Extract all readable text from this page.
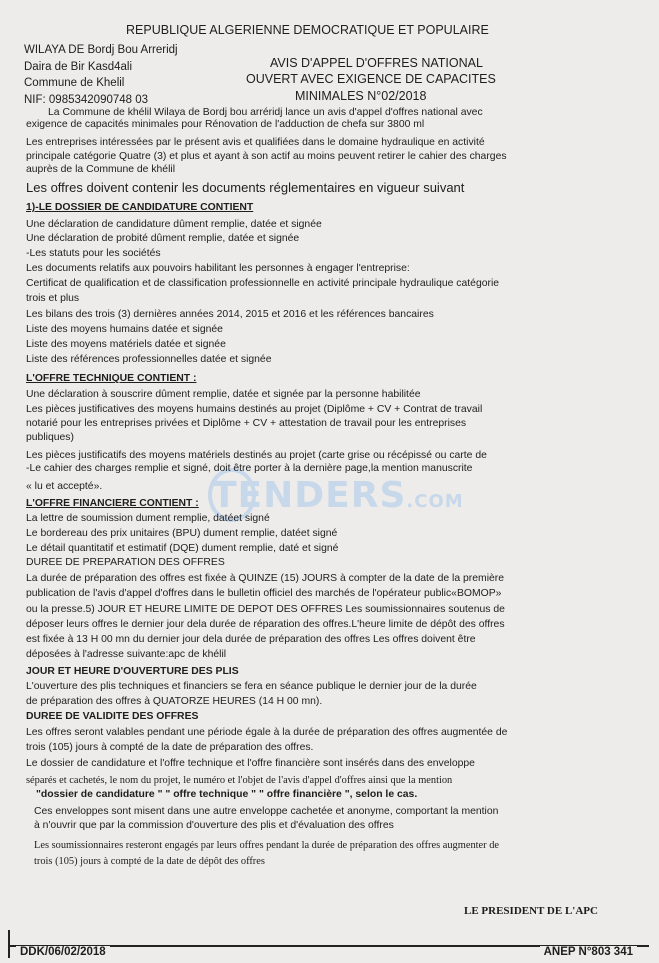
TENDERS.COM
REPUBLIQUE ALGERIENNE DEMOCRATIQUE ET POPULAIRE
WILAYA DE Bordj Bou Arreridj
Daira de Bir Kasd4ali
Commune de Khelil
NIF: 0985342090748 03
AVIS D'APPEL D'OFFRES NATIONAL
OUVERT AVEC EXIGENCE DE CAPACITES
MINIMALES N°02/2018
La Commune de khélil Wilaya de Bordj bou arréridj lance un avis d'appel d'offres national avec
exigence de capacités minimales pour Rénovation de l'adduction de chefa sur 3800 ml
Les entreprises intéressées par le présent avis et qualifiées dans le domaine hydraulique en activité
principale catégorie Quatre (3) et plus et ayant à son actif au moins peuvent retirer le cahier des charges
auprès de la Commune de khélil
Les offres doivent contenir les documents réglementaires en vigueur suivant
1)-LE DOSSIER DE CANDIDATURE CONTIENT
Une déclaration de candidature dûment remplie, datée et signée
Une déclaration de probité dûment remplie, datée et signée
-Les statuts pour les sociétés
Les documents relatifs aux pouvoirs habilitant les personnes à engager l'entreprise:
Certificat de qualification et de classification professionnelle en activité principale hydraulique catégorie
trois et plus
Les bilans des trois (3) dernières années 2014, 2015 et 2016 et les références bancaires
Liste des moyens humains datée et signée
Liste des moyens matériels datée et signée
Liste des références professionnelles datée et signée
L'OFFRE TECHNIQUE CONTIENT :
Une déclaration à souscrire dûment remplie, datée et signée par la personne habilitée
Les pièces justificatives des moyens humains destinés au projet (Diplôme + CV + Contrat de travail
notarié pour les entreprises privées et Diplôme + CV + attestation de travail pour les entreprises
publiques)
Les pièces justificatifs des moyens matériels destinés au projet (carte grise ou récépissé ou carte de
-Le cahier des charges remplie et signé, doit être porter à la dernière page,la mention manuscrite
« lu et accepté».
L'OFFRE FINANCIERE CONTIENT :
La lettre de soumission dument remplie, datéet signé
Le bordereau des prix unitaires (BPU) dument remplie, datéet signé
Le détail quantitatif et estimatif (DQE) dument remplie, daté et signé
DUREE DE PREPARATION DES OFFRES
La durée de préparation des offres est fixée à QUINZE (15) JOURS à compter de la date de la première
publication de l'avis d'appel d'offres dans le bulletin officiel des marchés de l'opérateur public«BOMOP»
ou la presse.5) JOUR ET HEURE LIMITE DE DEPOT DES OFFRES Les soumissionnaires soutenus de
déposer leurs offres le dernier jour dela durée de réparation des offres.L'heure limite de dépôt des offres
est fixée à 13 H 00 mn du dernier jour dela durée de préparation des offres Les offres doivent être
déposées à l'adresse suivante:apc de khélil
JOUR ET HEURE D'OUVERTURE DES PLIS
L'ouverture des plis techniques et financiers se fera en séance publique le dernier jour de la durée
de préparation des offres à QUATORZE HEURES (14 H 00 mn).
DUREE DE VALIDITE DES OFFRES
Les offres seront valables pendant une période égale à la durée de préparation des offres augmentée de
trois (105) jours à compté de la date de préparation des offres.
Le dossier de candidature et l'offre technique et l'offre financière sont insérés dans des enveloppe
séparés et cachetés, le nom du projet, le numéro et l'objet de l'avis d'appel d'offres ainsi que la mention
"dossier de candidature " " offre technique " " offre financière ", selon le cas.
Ces enveloppes sont misent dans une autre enveloppe cachetée et anonyme, comportant la mention
à n'ouvrir que par la commission d'ouverture des plis et d'évaluation des offres
Les soumissionnaires resteront engagés par leurs offres pendant la durée de préparation des offres augmenter de
trois (105) jours à compté de la date de dépôt des offres
LE PRESIDENT DE L'APC
DDK/06/02/2018	ANEP N°803 341
